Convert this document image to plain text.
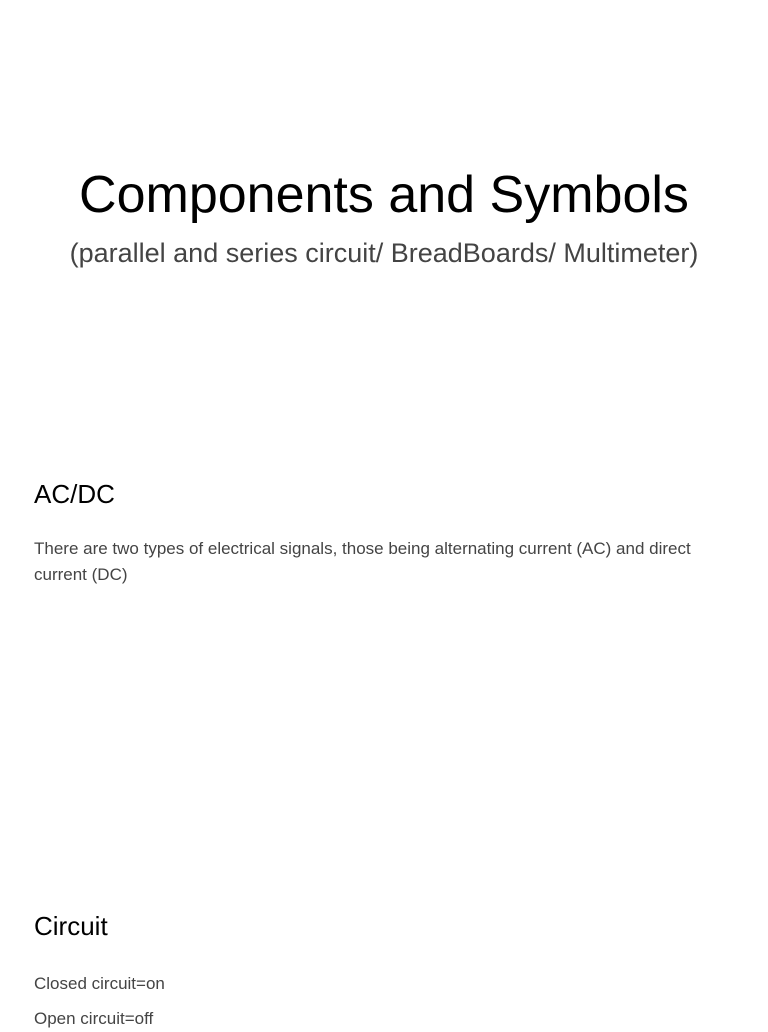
Components and Symbols

(parallel and series circuit/ BreadBoards/ Multimeter)

AC/DC

There are two types of electrical signals, those being alternating current (AC) and direct current (DC)

Circuit

Closed circuit=on

Open circuit=off
